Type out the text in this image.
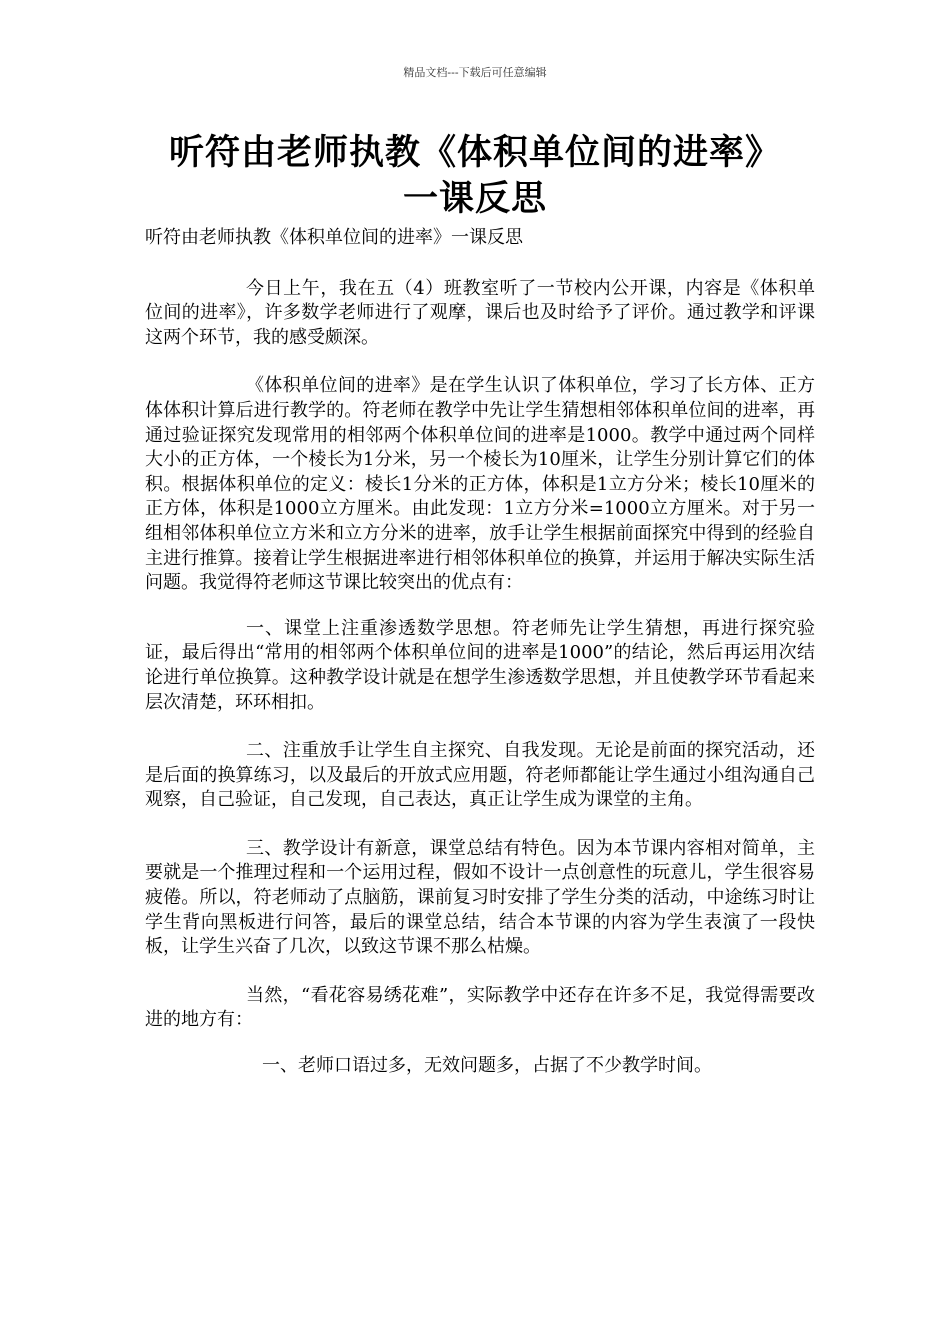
精品文档---下载后可任意编辑
听符由老师执教《体积单位间的进率》
一课反思

听符由老师执教《体积单位间的进率》一课反思

今日上午，我在五（4）班教室听了一节校内公开课，内容是《体积单位间的进率》，许多数学老师进行了观摩，课后也及时给予了评价。通过教学和评课这两个环节，我的感受颇深。

《体积单位间的进率》是在学生认识了体积单位，学习了长方体、正方体体积计算后进行教学的。符老师在教学中先让学生猜想相邻体积单位间的进率，再通过验证探究发现常用的相邻两个体积单位间的进率是1000。教学中通过两个同样大小的正方体，一个棱长为1分米，另一个棱长为10厘米，让学生分别计算它们的体积。根据体积单位的定义：棱长1分米的正方体，体积是1立方分米；棱长10厘米的正方体，体积是1000立方厘米。由此发现：1立方分米=1000立方厘米。对于另一组相邻体积单位立方米和立方分米的进率，放手让学生根据前面探究中得到的经验自主进行推算。接着让学生根据进率进行相邻体积单位的换算，并运用于解决实际生活问题。我觉得符老师这节课比较突出的优点有：

一、课堂上注重渗透数学思想。符老师先让学生猜想，再进行探究验证，最后得出“常用的相邻两个体积单位间的进率是1000”的结论，然后再运用次结论进行单位换算。这种教学设计就是在想学生渗透数学思想，并且使教学环节看起来层次清楚，环环相扣。

二、注重放手让学生自主探究、自我发现。无论是前面的探究活动，还是后面的换算练习，以及最后的开放式应用题，符老师都能让学生通过小组沟通自己观察，自己验证，自己发现，自己表达，真正让学生成为课堂的主角。

三、教学设计有新意，课堂总结有特色。因为本节课内容相对简单，主要就是一个推理过程和一个运用过程，假如不设计一点创意性的玩意儿，学生很容易疲倦。所以，符老师动了点脑筋，课前复习时安排了学生分类的活动，中途练习时让学生背向黑板进行问答，最后的课堂总结，结合本节课的内容为学生表演了一段快板，让学生兴奋了几次，以致这节课不那么枯燥。

当然，“看花容易绣花难”，实际教学中还存在许多不足，我觉得需要改进的地方有：

一、老师口语过多，无效问题多，占据了不少教学时间。
